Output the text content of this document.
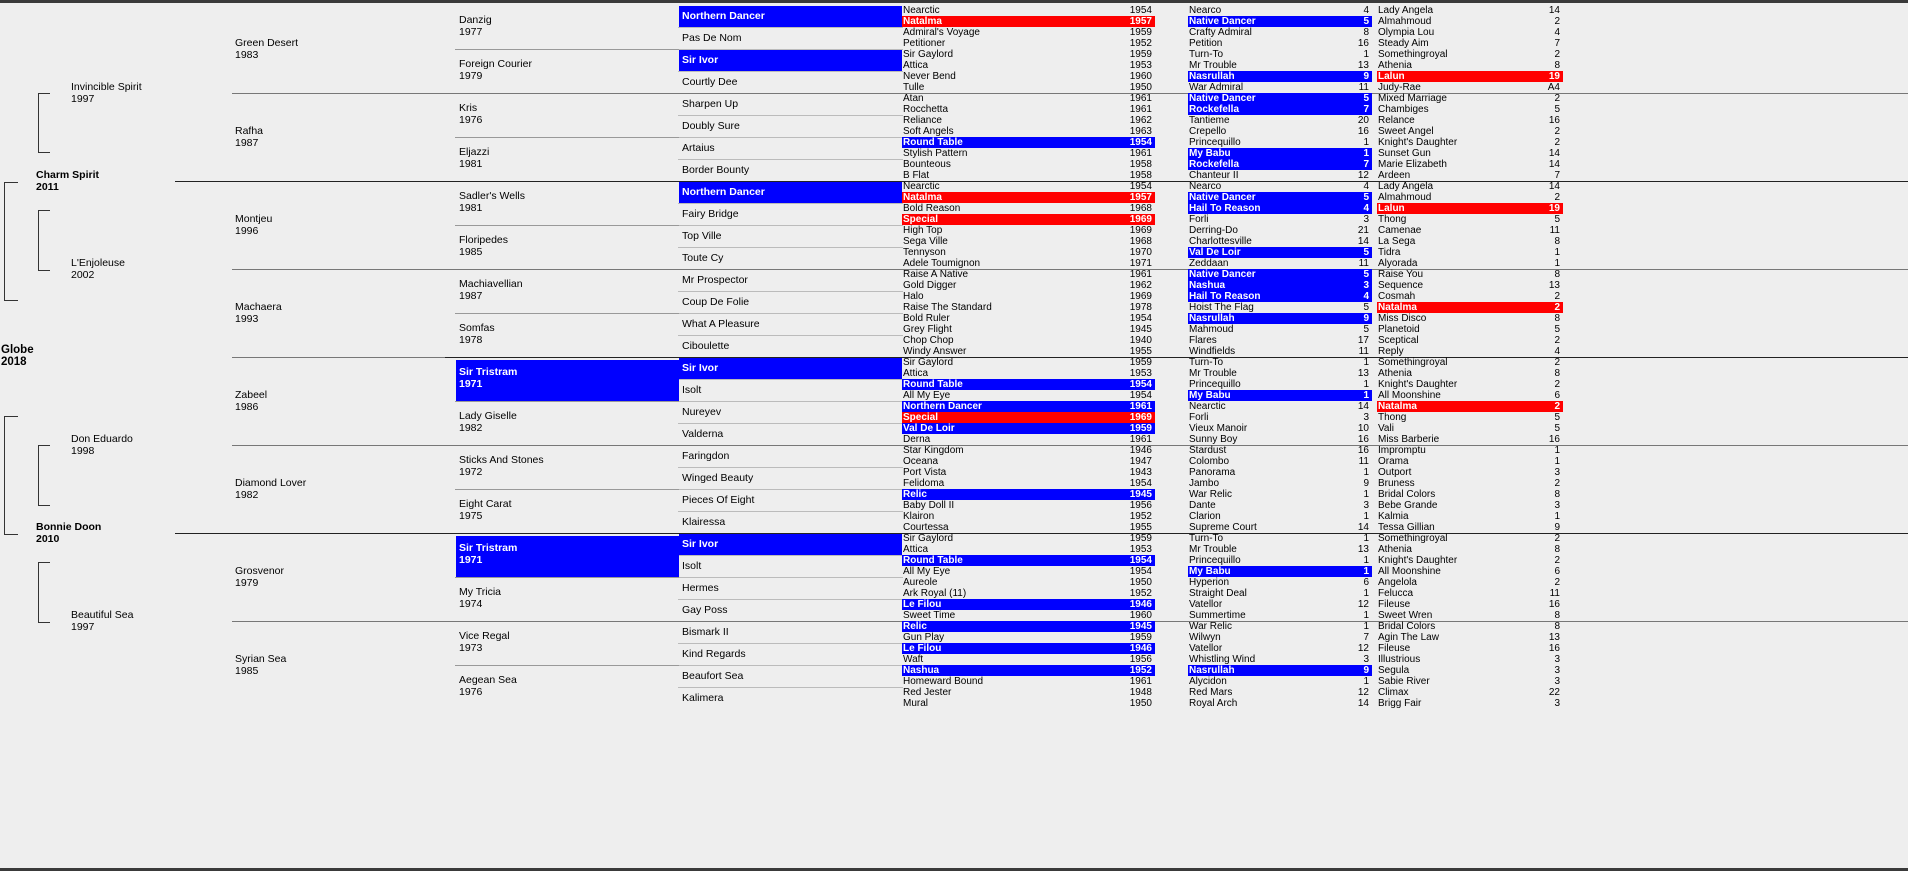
Globe
2018
Charm Spirit
2011
Bonnie Doon
2010
Invincible Spirit
1997
L'Enjoleuse
2002
Don Eduardo
1998
Beautiful Sea
1997
Green Desert
1983
Rafha
1987
Montjeu
1996
Machaera
1993
Zabeel
1986
Diamond Lover
1982
Grosvenor
1979
Syrian Sea
1985
Danzig
1977
Foreign Courier
1979
Kris
1976
Eljazzi
1981
Sadler's Wells
1981
Floripedes
1985
Machiavellian
1987
Somfas
1978
Sir Tristram
1971
Lady Giselle
1982
Sticks And Stones
1972
Eight Carat
1975
Sir Tristram
1971
My Tricia
1974
Vice Regal
1973
Aegean Sea
1976
Northern Dancer
Pas De Nom
Sir Ivor
Courtly Dee
Sharpen Up
Doubly Sure
Artaius
Border Bounty
Northern Dancer
Fairy Bridge
Top Ville
Toute Cy
Mr Prospector
Coup De Folie
What A Pleasure
Ciboulette
Sir Ivor
Isolt
Nureyev
Valderna
Faringdon
Winged Beauty
Pieces Of Eight
Klairessa
Sir Ivor
Isolt
Hermes
Gay Poss
Bismark II
Kind Regards
Beaufort Sea
Kalimera
Nearctic	1954
Natalma	1957
Admiral's Voyage	1959
Petitioner	1952
Sir Gaylord	1959
Attica	1953
Never Bend	1960
Tulle	1950
Atan	1961
Rocchetta	1961
Reliance	1962
Soft Angels	1963
Round Table	1954
Stylish Pattern	1961
Bounteous	1958
B Flat	1958
Nearctic	1954
Natalma	1957
Bold Reason	1968
Special	1969
High Top	1969
Sega Ville	1968
Tennyson	1970
Adele Toumignon	1971
Raise A Native	1961
Gold Digger	1962
Halo	1969
Raise The Standard	1978
Bold Ruler	1954
Grey Flight	1945
Chop Chop	1940
Windy Answer	1955
Sir Gaylord	1959
Attica	1953
Round Table	1954
All My Eye	1954
Northern Dancer	1961
Special	1969
Val De Loir	1959
Derna	1961
Star Kingdom	1946
Oceana	1947
Port Vista	1943
Felidoma	1954
Relic	1945
Baby Doll II	1956
Klairon	1952
Courtessa	1955
Sir Gaylord	1959
Attica	1953
Round Table	1954
All My Eye	1954
Aureole	1950
Ark Royal (11)	1952
Le Filou	1946
Sweet Time	1960
Relic	1945
Gun Play	1959
Le Filou	1946
Waft	1956
Nashua	1952
Homeward Bound	1961
Red Jester	1948
Mural	1950
Nearco	4
Native Dancer	5
Crafty Admiral	8
Petition	16
Turn-To	1
Mr Trouble	13
Nasrullah	9
War Admiral	11
Native Dancer	5
Rockefella	7
Tantieme	20
Crepello	16
Princequillo	1
My Babu	1
Rockefella	7
Chanteur II	12
Nearco	4
Native Dancer	5
Hail To Reason	4
Forli	3
Derring-Do	21
Charlottesville	14
Val De Loir	5
Zeddaan	11
Native Dancer	5
Nashua	3
Hail To Reason	4
Hoist The Flag	5
Nasrullah	9
Mahmoud	5
Flares	17
Windfields	11
Turn-To	1
Mr Trouble	13
Princequillo	1
My Babu	1
Nearctic	14
Forli	3
Vieux Manoir	10
Sunny Boy	16
Stardust	16
Colombo	11
Panorama	1
Jambo	9
War Relic	1
Dante	3
Clarion	1
Supreme Court	14
Turn-To	1
Mr Trouble	13
Princequillo	1
My Babu	1
Hyperion	6
Straight Deal	1
Vatellor	12
Summertime	1
War Relic	1
Wilwyn	7
Vatellor	12
Whistling Wind	3
Nasrullah	9
Alycidon	1
Red Mars	12
Royal Arch	14
Lady Angela	14
Almahmoud	2
Olympia Lou	4
Steady Aim	7
Somethingroyal	2
Athenia	8
Lalun	19
Judy-Rae	A4
Mixed Marriage	2
Chambiges	5
Relance	16
Sweet Angel	2
Knight's Daughter	2
Sunset Gun	14
Marie Elizabeth	14
Ardeen	7
Lady Angela	14
Almahmoud	2
Lalun	19
Thong	5
Camenae	11
La Sega	8
Tidra	1
Alyorada	1
Raise You	8
Sequence	13
Cosmah	2
Natalma	2
Miss Disco	8
Planetoid	5
Sceptical	2
Reply	4
Somethingroyal	2
Athenia	8
Knight's Daughter	2
All Moonshine	6
Natalma	2
Thong	5
Vali	5
Miss Barberie	16
Impromptu	1
Orama	1
Outport	3
Bruness	2
Bridal Colors	8
Bebe Grande	3
Kalmia	1
Tessa Gillian	9
Somethingroyal	2
Athenia	8
Knight's Daughter	2
All Moonshine	6
Angelola	2
Felucca	11
Fileuse	16
Sweet Wren	8
Bridal Colors	8
Agin The Law	13
Fileuse	16
Illustrious	3
Segula	3
Sabie River	3
Climax	22
Brigg Fair	3
